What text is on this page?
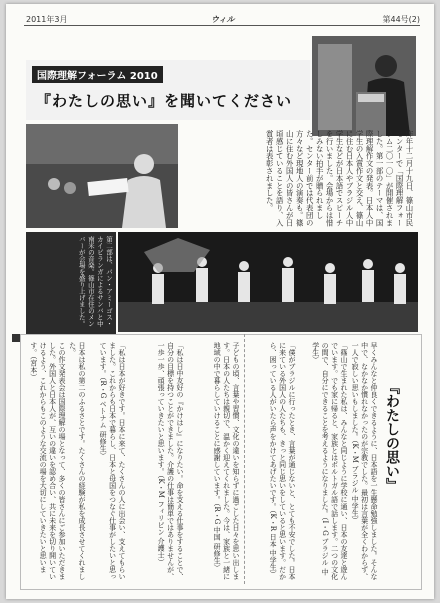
2011年3月	ウィル	第44号(2)
国際理解フォーラム 2010
『わたしの思い』を聞いてください
昨年十二月十九日、篠山市民センターで「国際理解フォーラム二〇一〇」が開催されました。第一部のテーマは、国際理解作文の発表。日本人中学生の入賞作文と交え、篠山に住む日本人やブラジル人中学生などが日本語でスピーチを行いました。会場からは惜しみない拍手が贈られました。センター前では代表団の方々など現地人の演奏も。篠山に住む外国人の皆さんが日頃感じていることを語り、入賞者は表彰されました。
第二部は、パン・アミーゴス・カイピランガによるサンバと中南米の音楽。篠山市在住のメンバーが会場を盛り上げました。
『わたしの思い』
早くみんなと仲良くできるように、日本語を一生懸命勉強しました。そんな中で、なかなか慣れなかったのが宗教でした。最初は言葉が全くわからず、一人で寂しい思いもしました。（K・M ブラジル 中学生）
「篠山で生まれた私は、みんなと同じように学校に通い、日本の友達と遊んでいます。でも家に帰ると、家族とはポルトガル語で話します。二つの文化の間で、自分にできることを考えるようになりました。（I・G ブラジル 中学生）
「僕がブラジルに行ったとき、言葉が通じないと、とても不安でした。日本に来ている外国人の人たちも、きっと同じ思いをしていると思います。だから、困っている人がいたら声をかけてあげたいです。（K・R 日本 中学生）
子どもの頃、言葉や習慣、文化の違いを知らずに過ごした日々を思い出します。日本の人たちは親切で、温かく迎えてくれました。今は、家族と一緒に地域の中で暮らしていけることに感謝しています。（R・G 中国 研修生）
「私は日中友好の『かけはし』になりたい。命を支える仕事をすることで、自分の目標を持つことができました。介護の仕事は簡単ではありませんが、一歩一歩、頑張っていきたいと思います。（K・M フィリピン 介護士）
「私は日本が好きです。日本に来て、たくさんの人に出会い、支えてもらいました。これからも日本で暮らし、日本と母国をつなぐ仕事がしたいと思っています。（R・G ベトナム 研修生）
日本は私の第二のふるさとです。たくさんの経験が私を成長させてくれました。
この作文発表会は国際理解の場となって、多くの皆さんにご参加いただきました。外国人と日本人が、互いの違いを認め合い、共に未来を切り開いていけるよう、これからもこのような交流の場を大切にしていきたいと思います。（宮本）
